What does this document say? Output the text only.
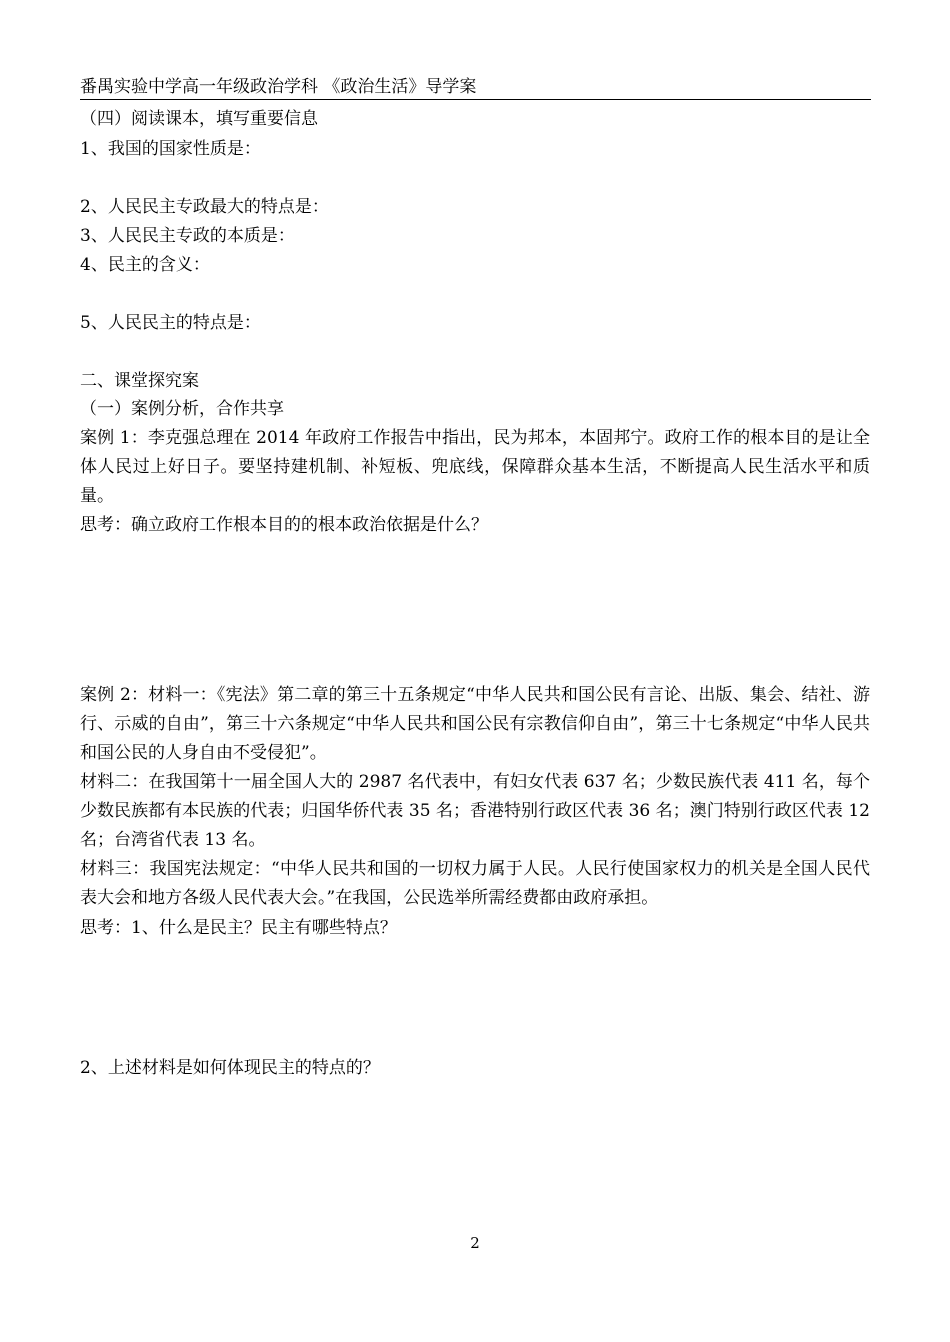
番禺实验中学高一年级政治学科 《政治生活》导学案
（四）阅读课本，填写重要信息
1、我国的国家性质是：
2、人民民主专政最大的特点是：
3、人民民主专政的本质是：
4、民主的含义：
5、人民民主的特点是：
二、课堂探究案
（一）案例分析，合作共享
案例 1：李克强总理在 2014 年政府工作报告中指出，民为邦本，本固邦宁。政府工作的根本目的是让全体人民过上好日子。要坚持建机制、补短板、兜底线，保障群众基本生活，不断提高人民生活水平和质量。
思考：确立政府工作根本目的的根本政治依据是什么？
案例 2：材料一：《宪法》第二章的第三十五条规定“中华人民共和国公民有言论、出版、集会、结社、游行、示威的自由”，第三十六条规定“中华人民共和国公民有宗教信仰自由”，第三十七条规定“中华人民共和国公民的人身自由不受侵犯”。
材料二：在我国第十一届全国人大的 2987 名代表中，有妇女代表 637 名；少数民族代表 411 名，每个少数民族都有本民族的代表；归国华侨代表 35 名；香港特别行政区代表 36 名；澳门特别行政区代表 12 名；台湾省代表 13 名。
材料三：我国宪法规定：“中华人民共和国的一切权力属于人民。人民行使国家权力的机关是全国人民代表大会和地方各级人民代表大会。”在我国，公民选举所需经费都由政府承担。
思考：1、什么是民主？民主有哪些特点？
2、上述材料是如何体现民主的特点的？
2
